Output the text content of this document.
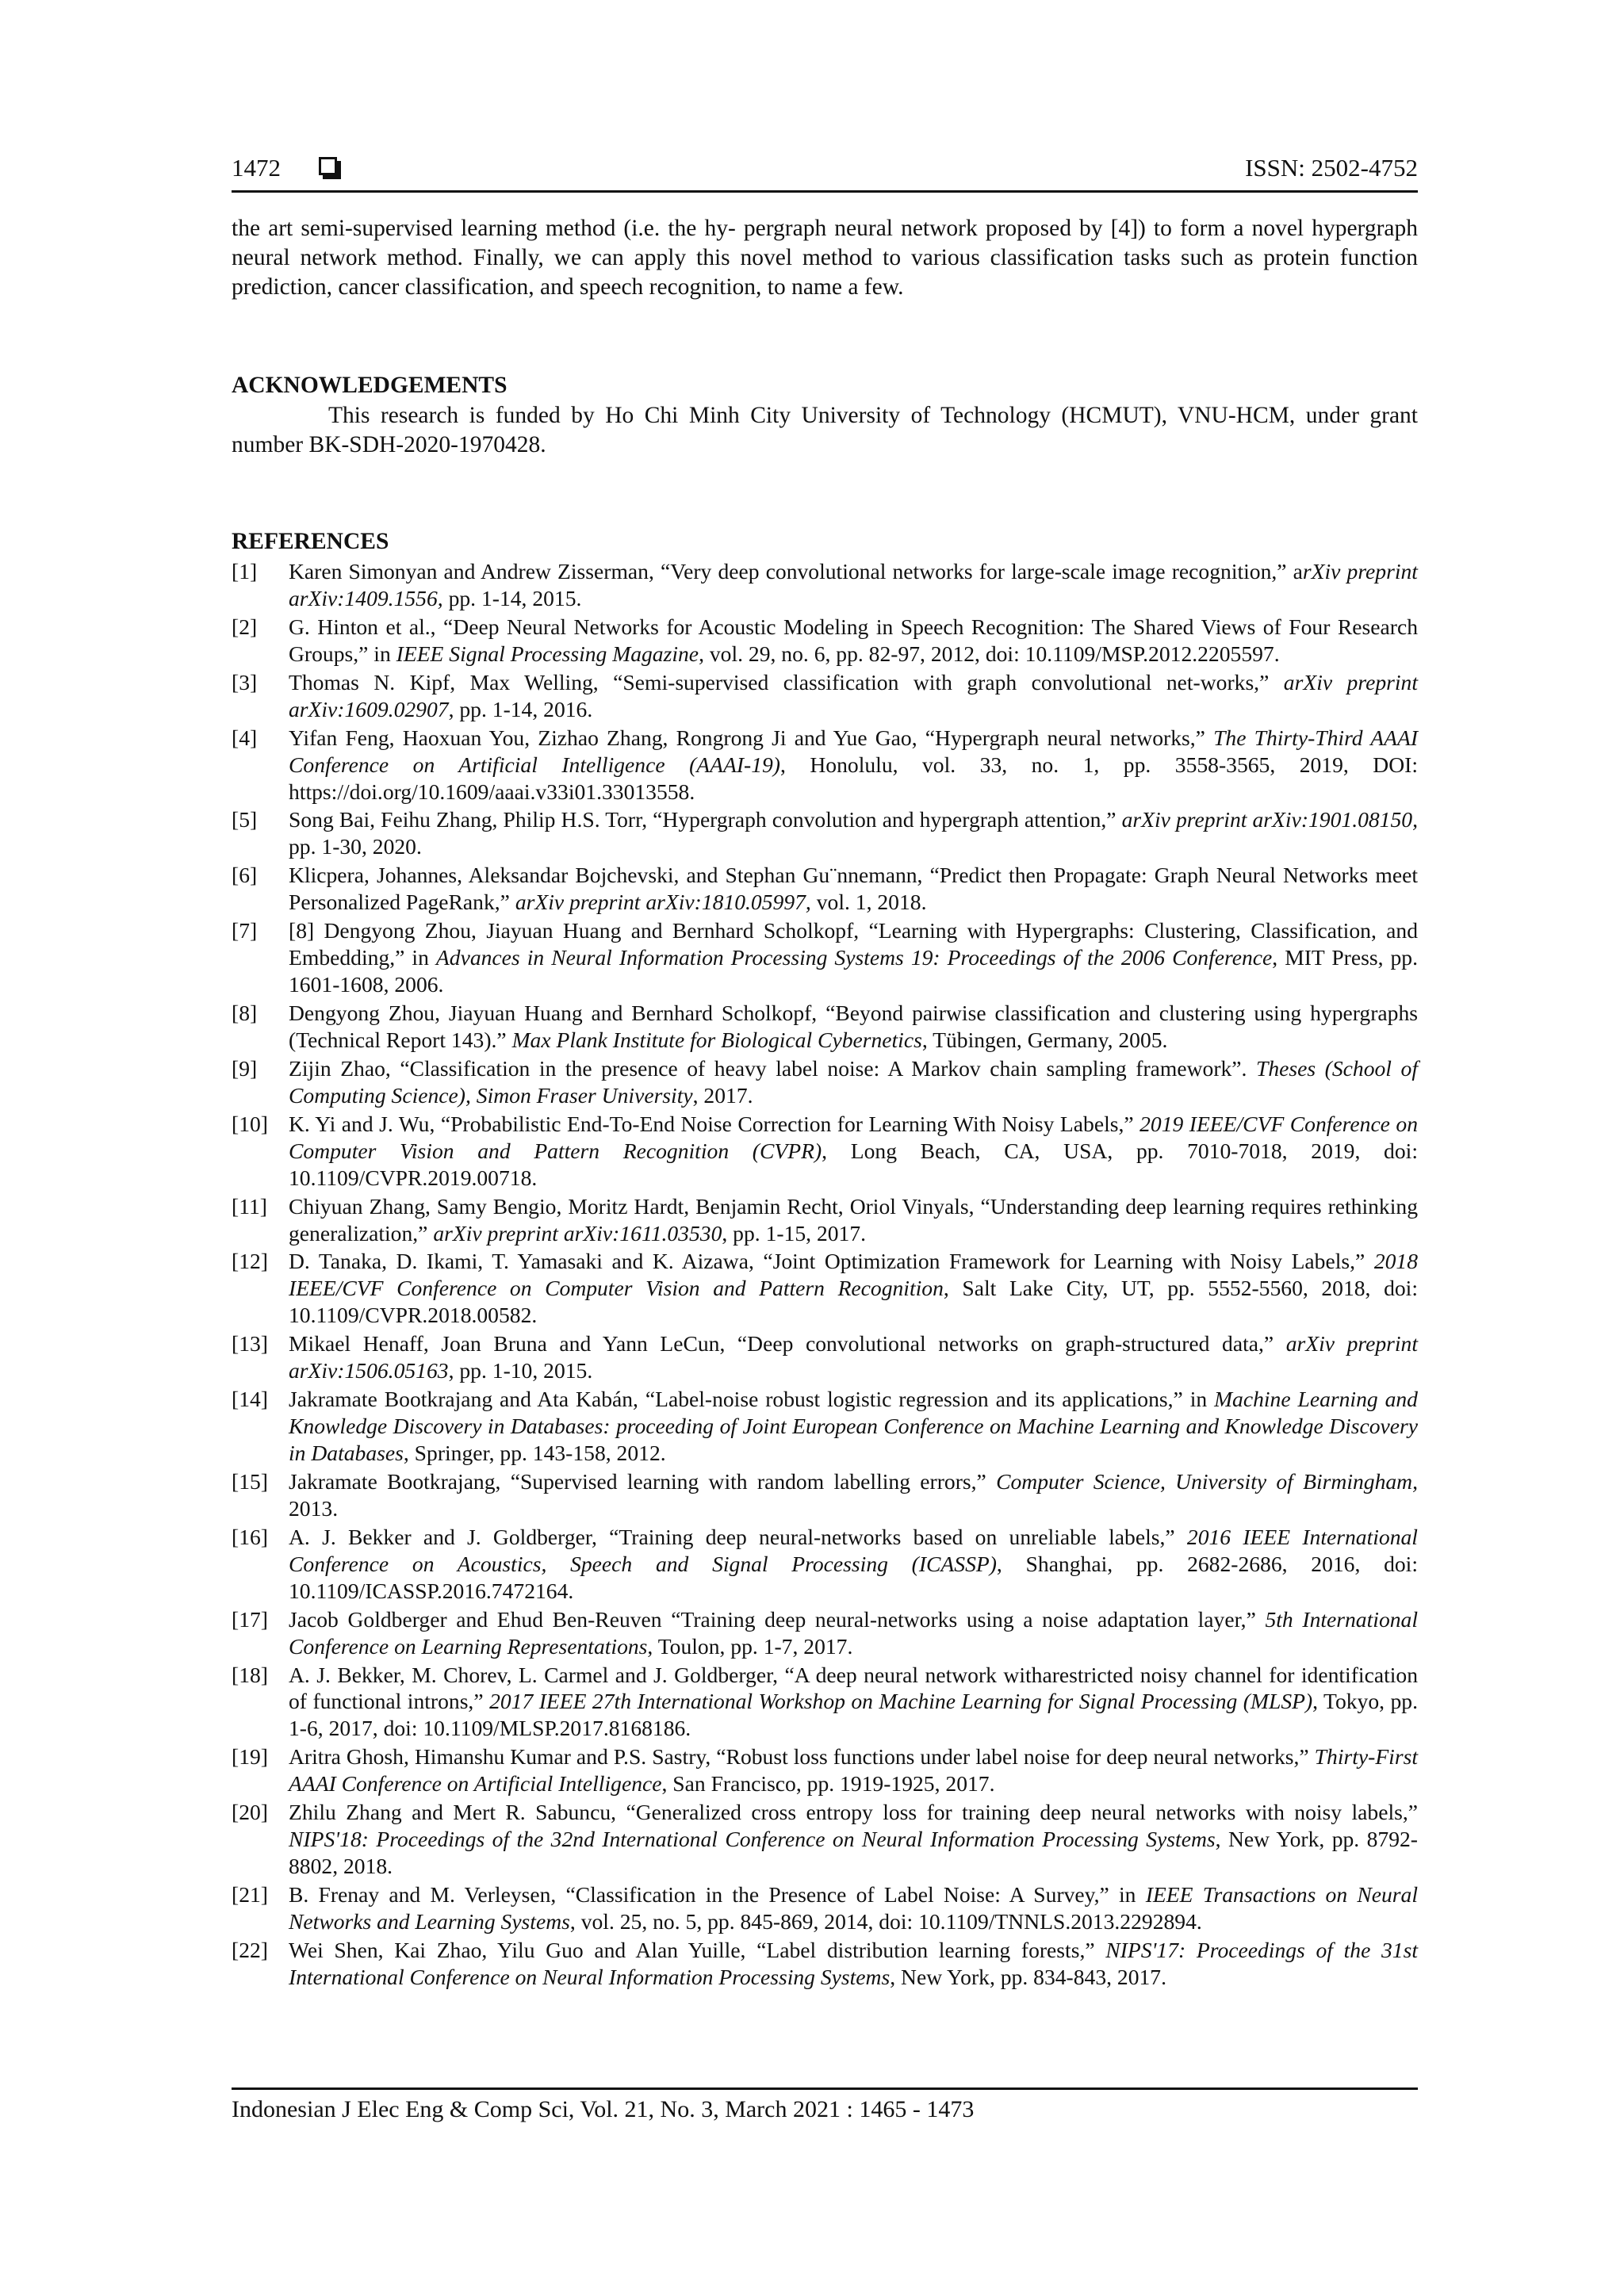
1472	ISSN: 2502-4752
the art semi-supervised learning method (i.e. the hy- pergraph neural network proposed by [4]) to form a novel hypergraph neural network method. Finally, we can apply this novel method to various classification tasks such as protein function prediction, cancer classification, and speech recognition, to name a few.
ACKNOWLEDGEMENTS
This research is funded by Ho Chi Minh City University of Technology (HCMUT), VNU-HCM, under grant number BK-SDH-2020-1970428.
REFERENCES
[1] Karen Simonyan and Andrew Zisserman, “Very deep convolutional networks for large-scale image recognition,” arXiv preprint arXiv:1409.1556, pp. 1-14, 2015.
[2] G. Hinton et al., “Deep Neural Networks for Acoustic Modeling in Speech Recognition: The Shared Views of Four Research Groups,” in IEEE Signal Processing Magazine, vol. 29, no. 6, pp. 82-97, 2012, doi: 10.1109/MSP.2012.2205597.
[3] Thomas N. Kipf, Max Welling, “Semi-supervised classification with graph convolutional net-works,” arXiv preprint arXiv:1609.02907, pp. 1-14, 2016.
[4] Yifan Feng, Haoxuan You, Zizhao Zhang, Rongrong Ji and Yue Gao, “Hypergraph neural networks,” The Thirty-Third AAAI Conference on Artificial Intelligence (AAAI-19), Honolulu, vol. 33, no. 1, pp. 3558-3565, 2019, DOI: https://doi.org/10.1609/aaai.v33i01.33013558.
[5] Song Bai, Feihu Zhang, Philip H.S. Torr, “Hypergraph convolution and hypergraph attention,” arXiv preprint arXiv:1901.08150, pp. 1-30, 2020.
[6] Klicpera, Johannes, Aleksandar Bojchevski, and Stephan Gu¨nnemann, “Predict then Propagate: Graph Neural Networks meet Personalized PageRank,” arXiv preprint arXiv:1810.05997, vol. 1, 2018.
[7] [8] Dengyong Zhou, Jiayuan Huang and Bernhard Scholkopf, “Learning with Hypergraphs: Clustering, Classification, and Embedding,” in Advances in Neural Information Processing Systems 19: Proceedings of the 2006 Conference, MIT Press, pp. 1601-1608, 2006.
[8] Dengyong Zhou, Jiayuan Huang and Bernhard Scholkopf, “Beyond pairwise classification and clustering using hypergraphs (Technical Report 143).” Max Plank Institute for Biological Cybernetics, Tübingen, Germany, 2005.
[9] Zijin Zhao, “Classification in the presence of heavy label noise: A Markov chain sampling framework”. Theses (School of Computing Science), Simon Fraser University, 2017.
[10] K. Yi and J. Wu, “Probabilistic End-To-End Noise Correction for Learning With Noisy Labels,” 2019 IEEE/CVF Conference on Computer Vision and Pattern Recognition (CVPR), Long Beach, CA, USA, pp. 7010-7018, 2019, doi: 10.1109/CVPR.2019.00718.
[11] Chiyuan Zhang, Samy Bengio, Moritz Hardt, Benjamin Recht, Oriol Vinyals, “Understanding deep learning requires rethinking generalization,” arXiv preprint arXiv:1611.03530, pp. 1-15, 2017.
[12] D. Tanaka, D. Ikami, T. Yamasaki and K. Aizawa, “Joint Optimization Framework for Learning with Noisy Labels,” 2018 IEEE/CVF Conference on Computer Vision and Pattern Recognition, Salt Lake City, UT, pp. 5552-5560, 2018, doi: 10.1109/CVPR.2018.00582.
[13] Mikael Henaff, Joan Bruna and Yann LeCun, “Deep convolutional networks on graph-structured data,” arXiv preprint arXiv:1506.05163, pp. 1-10, 2015.
[14] Jakramate Bootkrajang and Ata Kabán, “Label-noise robust logistic regression and its applications,” in Machine Learning and Knowledge Discovery in Databases: proceeding of Joint European Conference on Machine Learning and Knowledge Discovery in Databases, Springer, pp. 143-158, 2012.
[15] Jakramate Bootkrajang, “Supervised learning with random labelling errors,” Computer Science, University of Birmingham, 2013.
[16] A. J. Bekker and J. Goldberger, “Training deep neural-networks based on unreliable labels,” 2016 IEEE International Conference on Acoustics, Speech and Signal Processing (ICASSP), Shanghai, pp. 2682-2686, 2016, doi: 10.1109/ICASSP.2016.7472164.
[17] Jacob Goldberger and Ehud Ben-Reuven “Training deep neural-networks using a noise adaptation layer,” 5th International Conference on Learning Representations, Toulon, pp. 1-7, 2017.
[18] A. J. Bekker, M. Chorev, L. Carmel and J. Goldberger, “A deep neural network witharestricted noisy channel for identification of functional introns,” 2017 IEEE 27th International Workshop on Machine Learning for Signal Processing (MLSP), Tokyo, pp. 1-6, 2017, doi: 10.1109/MLSP.2017.8168186.
[19] Aritra Ghosh, Himanshu Kumar and P.S. Sastry, “Robust loss functions under label noise for deep neural networks,” Thirty-First AAAI Conference on Artificial Intelligence, San Francisco, pp. 1919-1925, 2017.
[20] Zhilu Zhang and Mert R. Sabuncu, “Generalized cross entropy loss for training deep neural networks with noisy labels,” NIPS'18: Proceedings of the 32nd International Conference on Neural Information Processing Systems, New York, pp. 8792-8802, 2018.
[21] B. Frenay and M. Verleysen, “Classification in the Presence of Label Noise: A Survey,” in IEEE Transactions on Neural Networks and Learning Systems, vol. 25, no. 5, pp. 845-869, 2014, doi: 10.1109/TNNLS.2013.2292894.
[22] Wei Shen, Kai Zhao, Yilu Guo and Alan Yuille, “Label distribution learning forests,” NIPS'17: Proceedings of the 31st International Conference on Neural Information Processing Systems, New York, pp. 834-843, 2017.
Indonesian J Elec Eng & Comp Sci, Vol. 21, No. 3, March 2021 : 1465 - 1473
